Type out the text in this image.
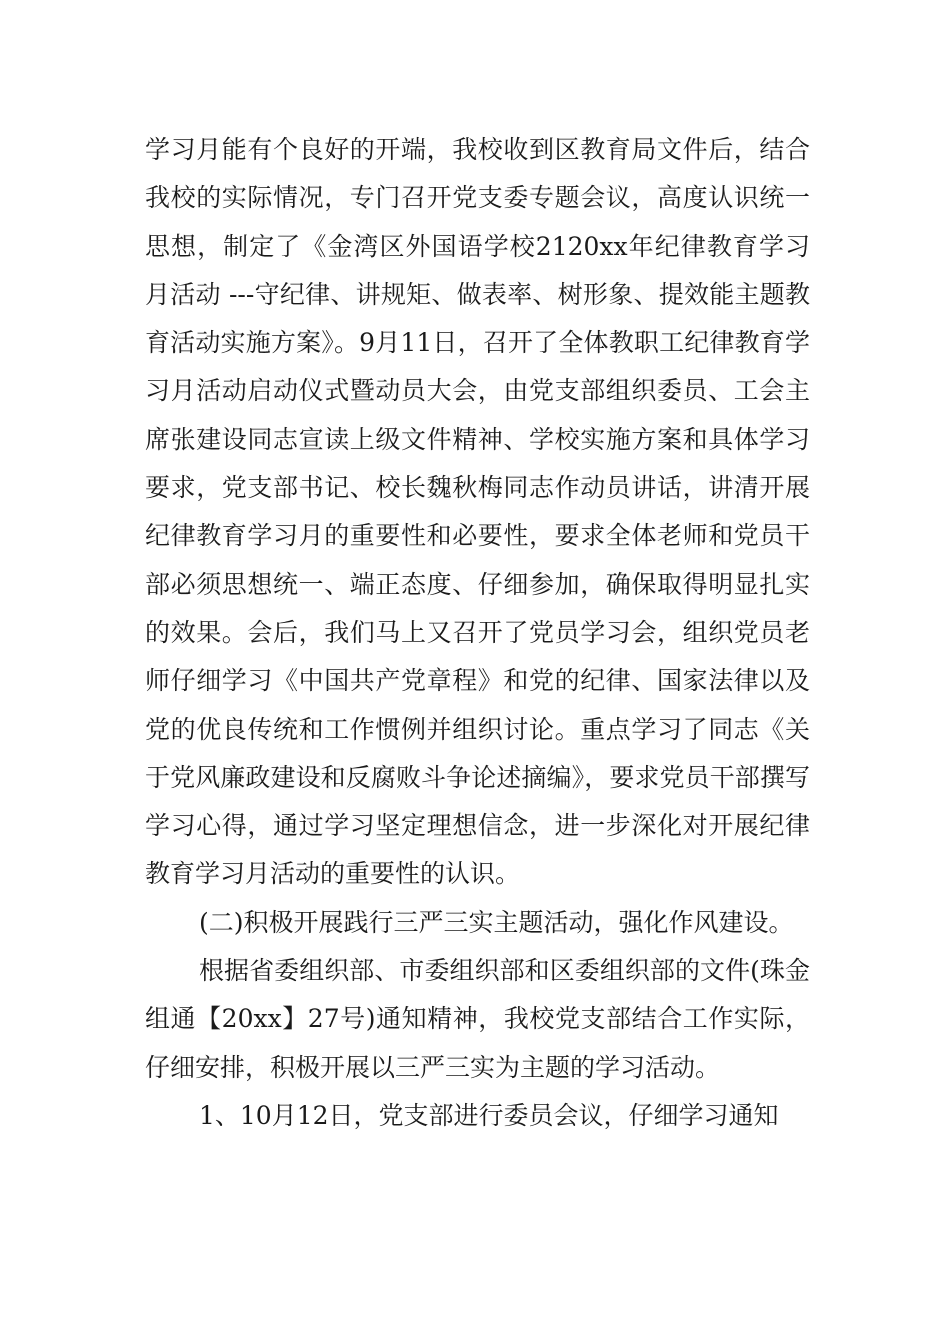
学习月能有个良好的开端，我校收到区教育局文件后，结合我校的实际情况，专门召开党支委专题会议，高度认识统一思想，制定了《金湾区外国语学校2120xx年纪律教育学习月活动 ---守纪律、讲规矩、做表率、树形象、提效能主题教育活动实施方案》。9月11日，召开了全体教职工纪律教育学习月活动启动仪式暨动员大会，由党支部组织委员、工会主席张建设同志宣读上级文件精神、学校实施方案和具体学习要求，党支部书记、校长魏秋梅同志作动员讲话，讲清开展纪律教育学习月的重要性和必要性，要求全体老师和党员干部必须思想统一、端正态度、仔细参加，确保取得明显扎实的效果。会后，我们马上又召开了党员学习会，组织党员老师仔细学习《中国共产党章程》和党的纪律、国家法律以及党的优良传统和工作惯例并组织讨论。重点学习了同志《关于党风廉政建设和反腐败斗争论述摘编》，要求党员干部撰写学习心得，通过学习坚定理想信念，进一步深化对开展纪律教育学习月活动的重要性的认识。

(二)积极开展践行三严三实主题活动，强化作风建设。

根据省委组织部、市委组织部和区委组织部的文件(珠金组通【20xx】27号)通知精神，我校党支部结合工作实际，仔细安排，积极开展以三严三实为主题的学习活动。

1、10月12日，党支部进行委员会议，仔细学习通知
